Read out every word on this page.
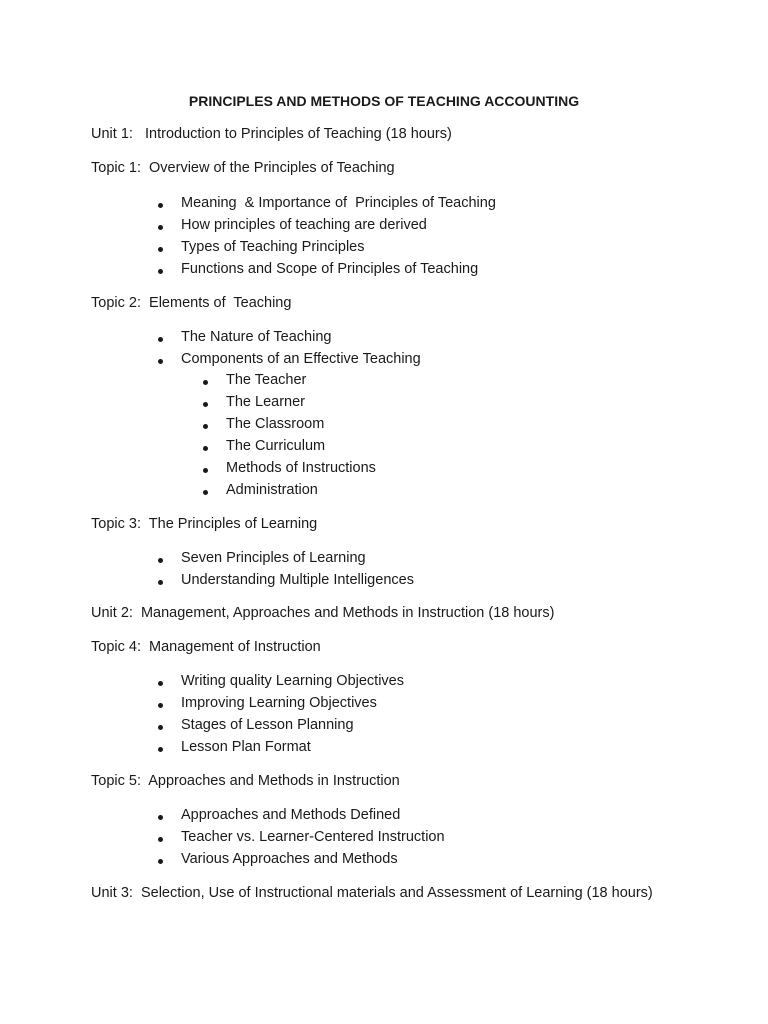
PRINCIPLES AND METHODS OF TEACHING ACCOUNTING

Unit 1:   Introduction to Principles of Teaching (18 hours)

Topic 1:  Overview of the Principles of Teaching

Meaning  & Importance of  Principles of Teaching
How principles of teaching are derived
Types of Teaching Principles
Functions and Scope of Principles of Teaching

Topic 2:  Elements of  Teaching

The Nature of Teaching
Components of an Effective Teaching
The Teacher
The Learner
The Classroom
The Curriculum
Methods of Instructions
Administration

Topic 3:  The Principles of Learning

Seven Principles of Learning
Understanding Multiple Intelligences

Unit 2:  Management, Approaches and Methods in Instruction (18 hours)

Topic 4:  Management of Instruction

Writing quality Learning Objectives
Improving Learning Objectives
Stages of Lesson Planning
Lesson Plan Format

Topic 5:  Approaches and Methods in Instruction

Approaches and Methods Defined
Teacher vs. Learner-Centered Instruction
Various Approaches and Methods

Unit 3:  Selection, Use of Instructional materials and Assessment of Learning (18 hours)
